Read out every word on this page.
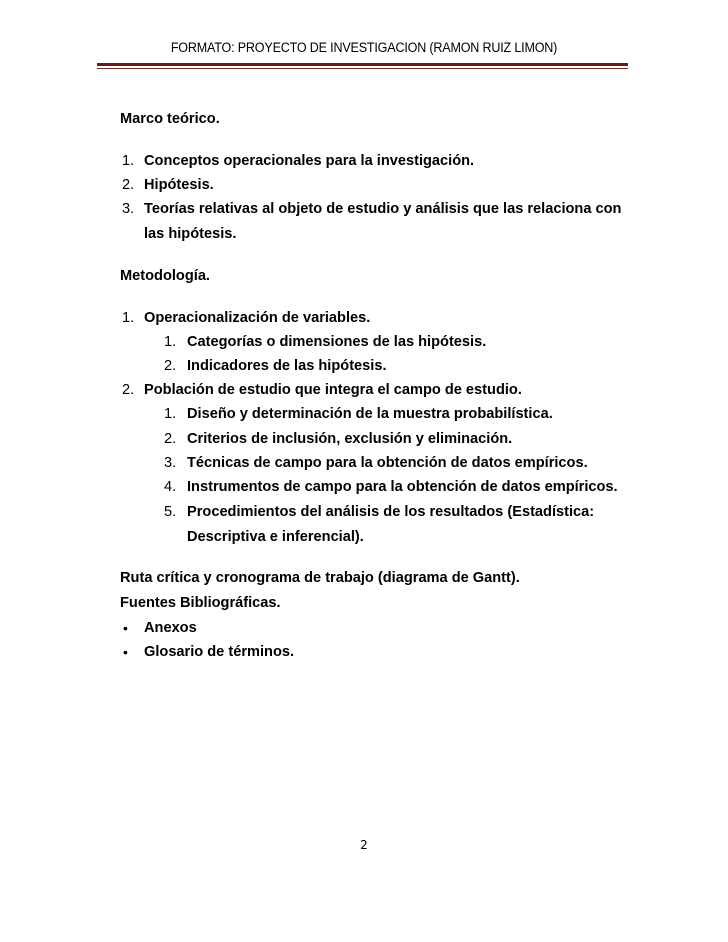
FORMATO: PROYECTO DE INVESTIGACION (RAMON RUIZ LIMON)
Marco teórico.
1. Conceptos operacionales para la investigación.
2. Hipótesis.
3. Teorías relativas al objeto de estudio y análisis que las relaciona con
las hipótesis.
Metodología.
1. Operacionalización de variables.
1. Categorías o dimensiones de las hipótesis.
2. Indicadores de las hipótesis.
2. Población de estudio que integra el campo de estudio.
1. Diseño y determinación de la muestra probabilística.
2. Criterios de inclusión, exclusión y eliminación.
3. Técnicas de campo para la obtención de datos empíricos.
4. Instrumentos de campo para la obtención de datos empíricos.
5. Procedimientos del análisis de los resultados (Estadística:
Descriptiva e inferencial).
Ruta crítica y cronograma de trabajo (diagrama de Gantt).
Fuentes Bibliográficas.
• Anexos
• Glosario de términos.
2
